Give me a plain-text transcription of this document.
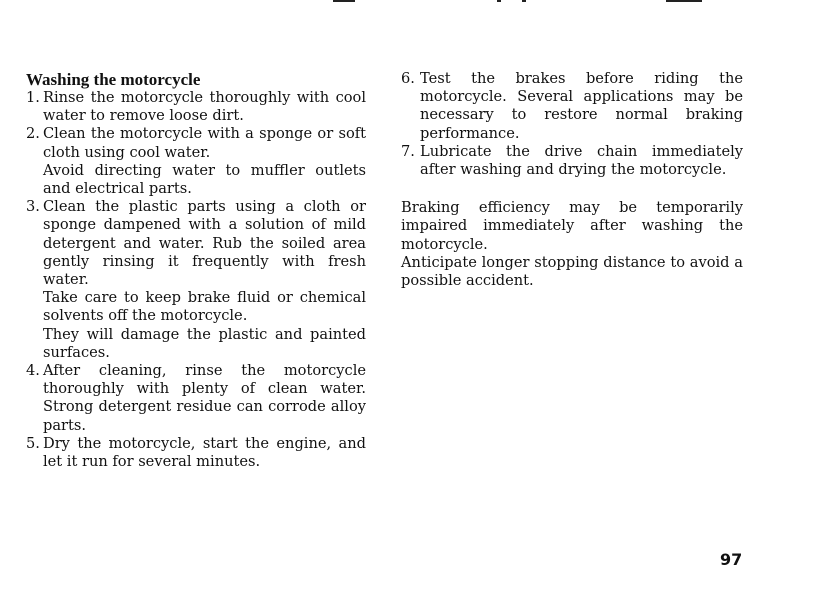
Washing the motorcycle
1. Rinse the motorcycle thoroughly with cool water to remove loose dirt.

2. Clean the motorcycle with a sponge or soft cloth using cool water.

Avoid directing water to muffler outlets and electrical parts.

3. Clean the plastic parts using a cloth or sponge dampened with a solution of mild detergent and water. Rub the soiled area gently rinsing it frequently with fresh water.

Take care to keep brake fluid or chemical solvents off the motorcycle.

They will damage the plastic and painted surfaces.

4. After cleaning, rinse the motorcycle thoroughly with plenty of clean water. Strong detergent residue can corrode alloy parts.

5. Dry the motorcycle, start the engine, and let it run for several minutes.

6. Test the brakes before riding the motorcycle. Several applications may be necessary to restore normal braking performance.

7. Lubricate the drive chain immediately after washing and drying the motorcycle.

Braking efficiency may be temporarily impaired immediately after washing the motorcycle.

Anticipate longer stopping distance to avoid a possible accident.

97
